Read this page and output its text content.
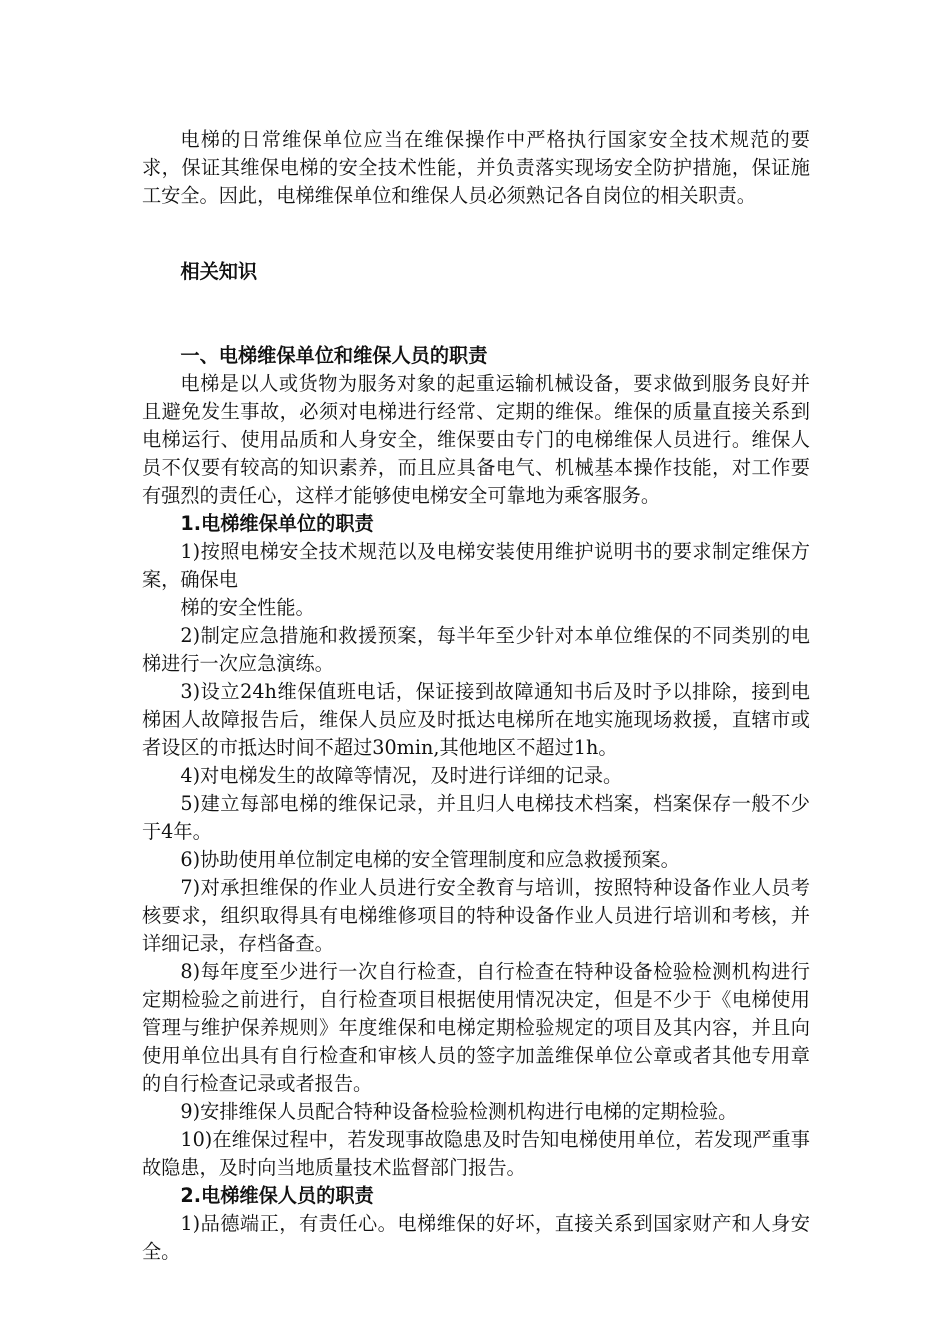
电梯的日常维保单位应当在维保操作中严格执行国家安全技术规范的要求，保证其维保电梯的安全技术性能，并负责落实现场安全防护措施，保证施工安全。因此，电梯维保单位和维保人员必须熟记各自岗位的相关职责。

相关知识

一、电梯维保单位和维保人员的职责

电梯是以人或货物为服务对象的起重运输机械设备，要求做到服务良好并且避免发生事故，必须对电梯进行经常、定期的维保。维保的质量直接关系到电梯运行、使用品质和人身安全，维保要由专门的电梯维保人员进行。维保人员不仅要有较高的知识素养，而且应具备电气、机械基本操作技能，对工作要有强烈的责任心，这样才能够使电梯安全可靠地为乘客服务。

1.电梯维保单位的职责

1)按照电梯安全技术规范以及电梯安装使用维护说明书的要求制定维保方案，确保电

梯的安全性能。

2)制定应急措施和救援预案，每半年至少针对本单位维保的不同类别的电梯进行一次应急演练。

3)设立24h维保值班电话，保证接到故障通知书后及时予以排除，接到电梯困人故障报告后，维保人员应及时抵达电梯所在地实施现场救援，直辖市或者设区的市抵达时间不超过30min,其他地区不超过1h。

4)对电梯发生的故障等情况，及时进行详细的记录。

5)建立每部电梯的维保记录，并且归人电梯技术档案，档案保存一般不少于4年。

6)协助使用单位制定电梯的安全管理制度和应急救援预案。

7)对承担维保的作业人员进行安全教育与培训，按照特种设备作业人员考核要求，组织取得具有电梯维修项目的特种设备作业人员进行培训和考核，并详细记录，存档备查。

8)每年度至少进行一次自行检查，自行检查在特种设备检验检测机构进行定期检验之前进行，自行检查项目根据使用情况决定，但是不少于《电梯使用管理与维护保养规则》年度维保和电梯定期检验规定的项目及其内容，并且向使用单位出具有自行检查和审核人员的签字加盖维保单位公章或者其他专用章的自行检查记录或者报告。

9)安排维保人员配合特种设备检验检测机构进行电梯的定期检验。

10)在维保过程中，若发现事故隐患及时告知电梯使用单位，若发现严重事故隐患，及时向当地质量技术监督部门报告。

2.电梯维保人员的职责

1)品德端正，有责任心。电梯维保的好坏，直接关系到国家财产和人身安全。
